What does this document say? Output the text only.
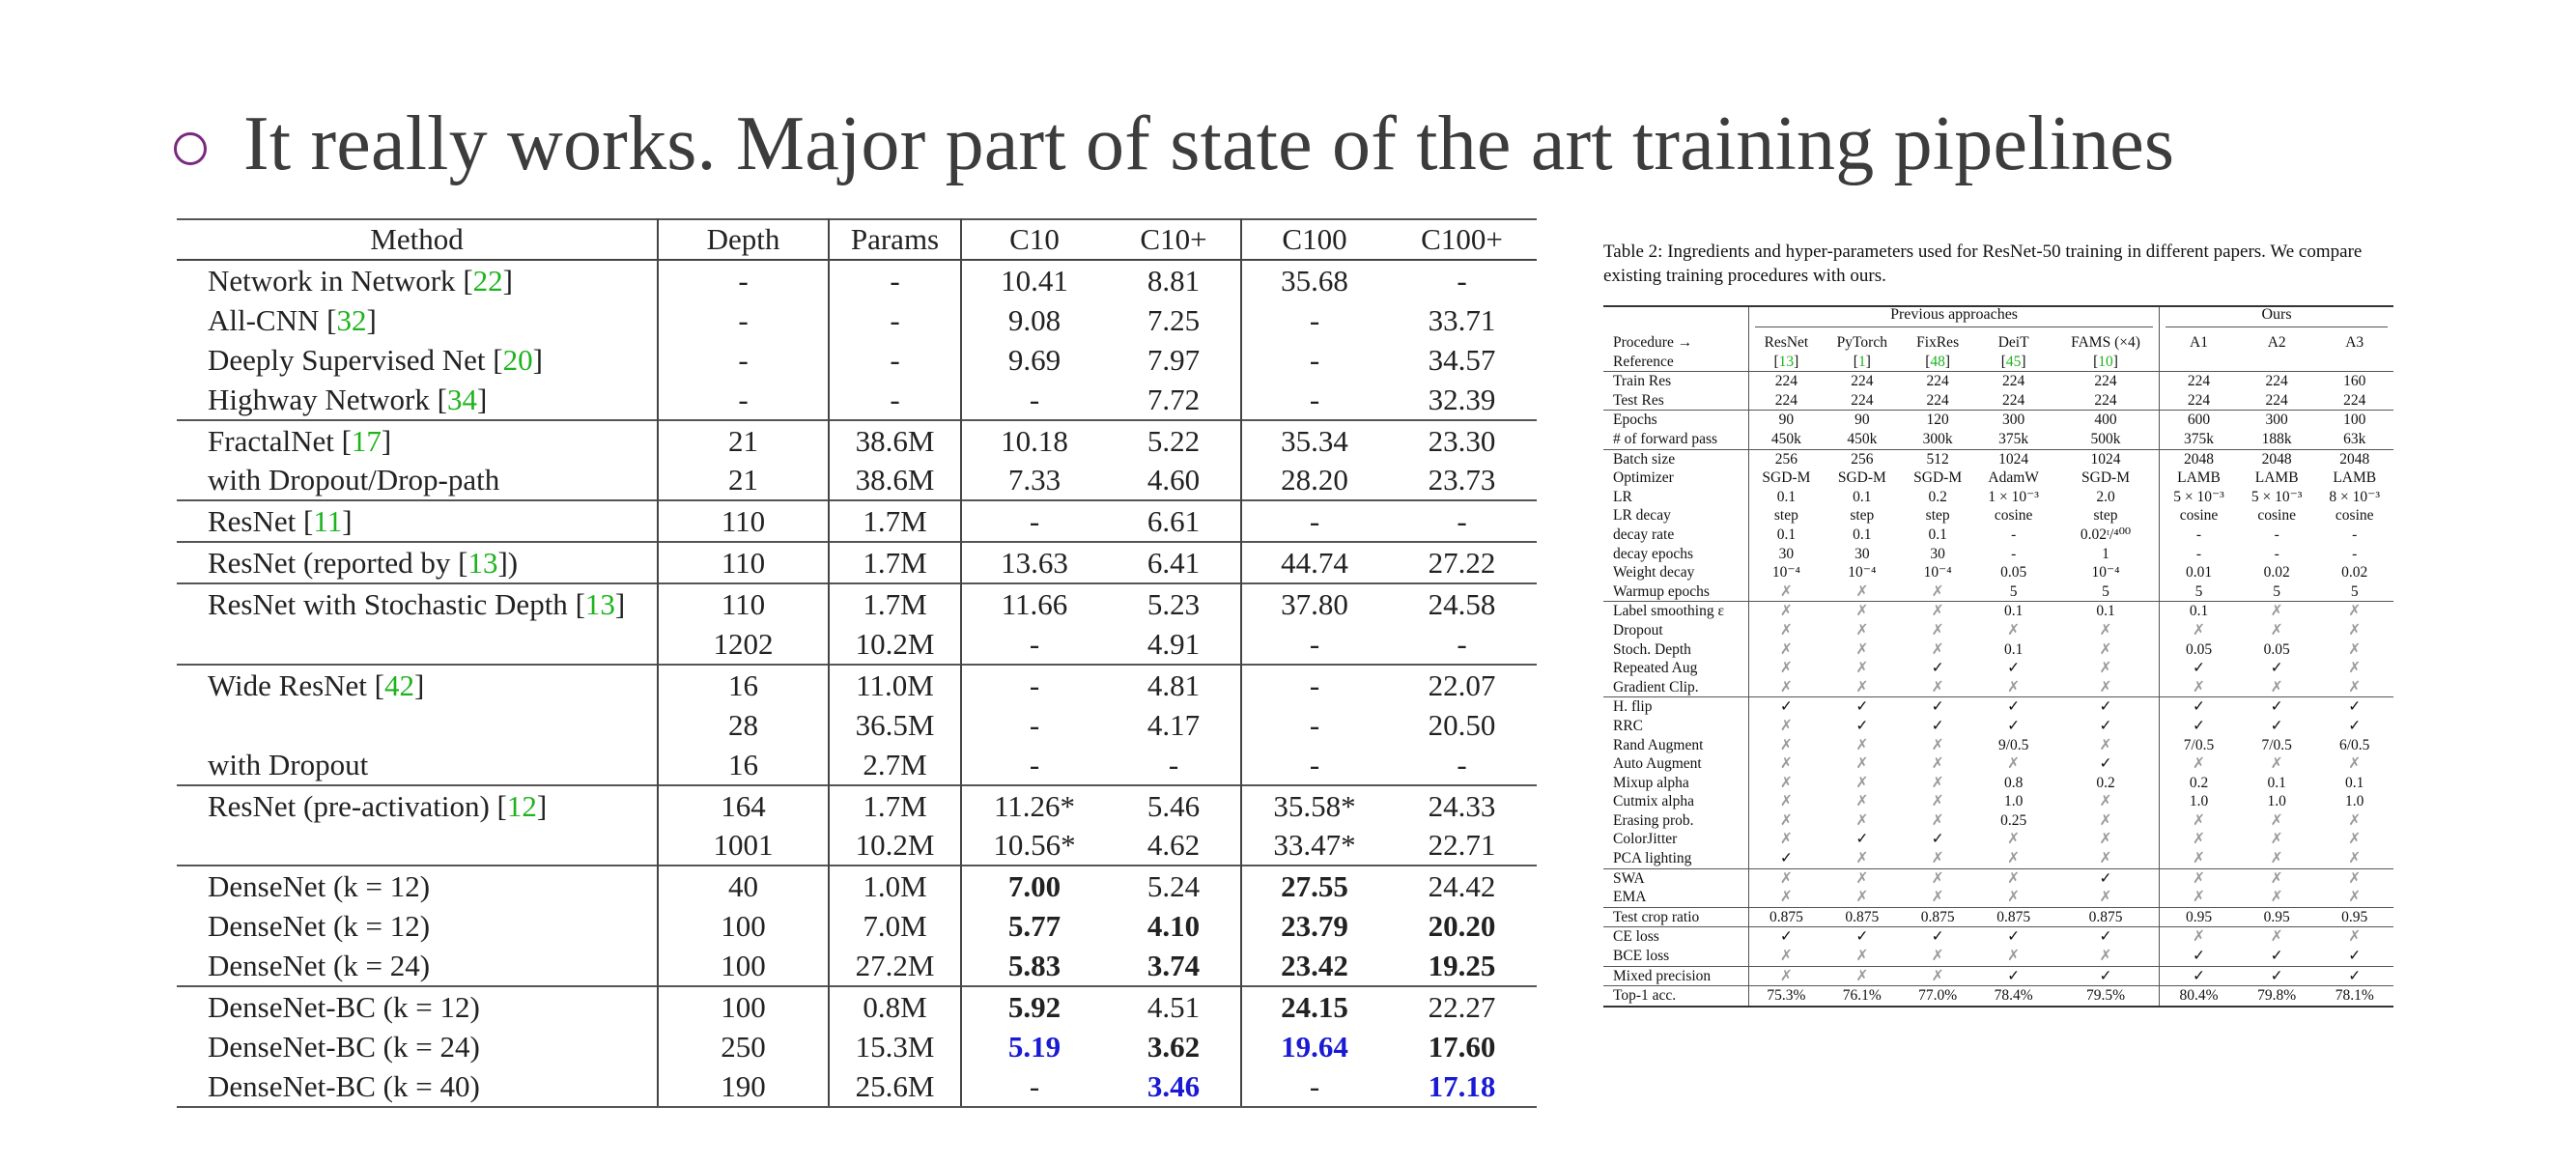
It really works. Major part of state of the art training pipelines
Method	Depth	Params	C10	C10+	C100	C100+
Network in Network [22]	-	-	10.41	8.81	35.68	-
All-CNN [32]	-	-	9.08	7.25	-	33.71
Deeply Supervised Net [20]	-	-	9.69	7.97	-	34.57
Highway Network [34]	-	-	-	7.72	-	32.39
FractalNet [17]	21	38.6M	10.18	5.22	35.34	23.30
with Dropout/Drop-path	21	38.6M	7.33	4.60	28.20	23.73
ResNet [11]	110	1.7M	-	6.61	-	-
ResNet (reported by [13])	110	1.7M	13.63	6.41	44.74	27.22
ResNet with Stochastic Depth [13]	110	1.7M	11.66	5.23	37.80	24.58
	1202	10.2M	-	4.91	-	-
Wide ResNet [42]	16	11.0M	-	4.81	-	22.07
	28	36.5M	-	4.17	-	20.50
with Dropout	16	2.7M	-	-	-	-
ResNet (pre-activation) [12]	164	1.7M	11.26*	5.46	35.58*	24.33
	1001	10.2M	10.56*	4.62	33.47*	22.71
DenseNet (k = 12)	40	1.0M	7.00	5.24	27.55	24.42
DenseNet (k = 12)	100	7.0M	5.77	4.10	23.79	20.20
DenseNet (k = 24)	100	27.2M	5.83	3.74	23.42	19.25
DenseNet-BC (k = 12)	100	0.8M	5.92	4.51	24.15	22.27
DenseNet-BC (k = 24)	250	15.3M	5.19	3.62	19.64	17.60
DenseNet-BC (k = 40)	190	25.6M	-	3.46	-	17.18
Table 2: Ingredients and hyper-parameters used for ResNet-50 training in different papers. We compare existing training procedures with ours.

	Previous approaches					Ours		

Procedure →	ResNet	PyTorch	FixRes	DeiT	FAMS (×4)	A1	A2	A3
Reference	[13]	[1]	[48]	[45]	[10]			
Train Res	224	224	224	224	224	224	224	160
Test Res	224	224	224	224	224	224	224	224
Epochs	90	90	120	300	400	600	300	100
# of forward pass	450k	450k	300k	375k	500k	375k	188k	63k
Batch size	256	256	512	1024	1024	2048	2048	2048
Optimizer	SGD-M	SGD-M	SGD-M	AdamW	SGD-M	LAMB	LAMB	LAMB
LR	0.1	0.1	0.2	1 × 10⁻³	2.0	5 × 10⁻³	5 × 10⁻³	8 × 10⁻³
LR decay	step	step	step	cosine	step	cosine	cosine	cosine
decay rate	0.1	0.1	0.1	-	0.02ᵗ/⁴⁰⁰	-	-	-
decay epochs	30	30	30	-	1	-	-	-
Weight decay	10⁻⁴	10⁻⁴	10⁻⁴	0.05	10⁻⁴	0.01	0.02	0.02
Warmup epochs	✗	✗	✗	5	5	5	5	5
Label smoothing ε	✗	✗	✗	0.1	0.1	0.1	✗	✗
Dropout	✗	✗	✗	✗	✗	✗	✗	✗
Stoch. Depth	✗	✗	✗	0.1	✗	0.05	0.05	✗
Repeated Aug	✗	✗	✓	✓	✗	✓	✓	✗
Gradient Clip.	✗	✗	✗	✗	✗	✗	✗	✗
H. flip	✓	✓	✓	✓	✓	✓	✓	✓
RRC	✗	✓	✓	✓	✓	✓	✓	✓
Rand Augment	✗	✗	✗	9/0.5	✗	7/0.5	7/0.5	6/0.5
Auto Augment	✗	✗	✗	✗	✓	✗	✗	✗
Mixup alpha	✗	✗	✗	0.8	0.2	0.2	0.1	0.1
Cutmix alpha	✗	✗	✗	1.0	✗	1.0	1.0	1.0
Erasing prob.	✗	✗	✗	0.25	✗	✗	✗	✗
ColorJitter	✗	✓	✓	✗	✗	✗	✗	✗
PCA lighting	✓	✗	✗	✗	✗	✗	✗	✗
SWA	✗	✗	✗	✗	✓	✗	✗	✗
EMA	✗	✗	✗	✗	✗	✗	✗	✗
Test crop ratio	0.875	0.875	0.875	0.875	0.875	0.95	0.95	0.95
CE loss	✓	✓	✓	✓	✓	✗	✗	✗
BCE loss	✗	✗	✗	✗	✗	✓	✓	✓
Mixed precision	✗	✗	✗	✓	✓	✓	✓	✓
Top-1 acc.	75.3%	76.1%	77.0%	78.4%	79.5%	80.4%	79.8%	78.1%
